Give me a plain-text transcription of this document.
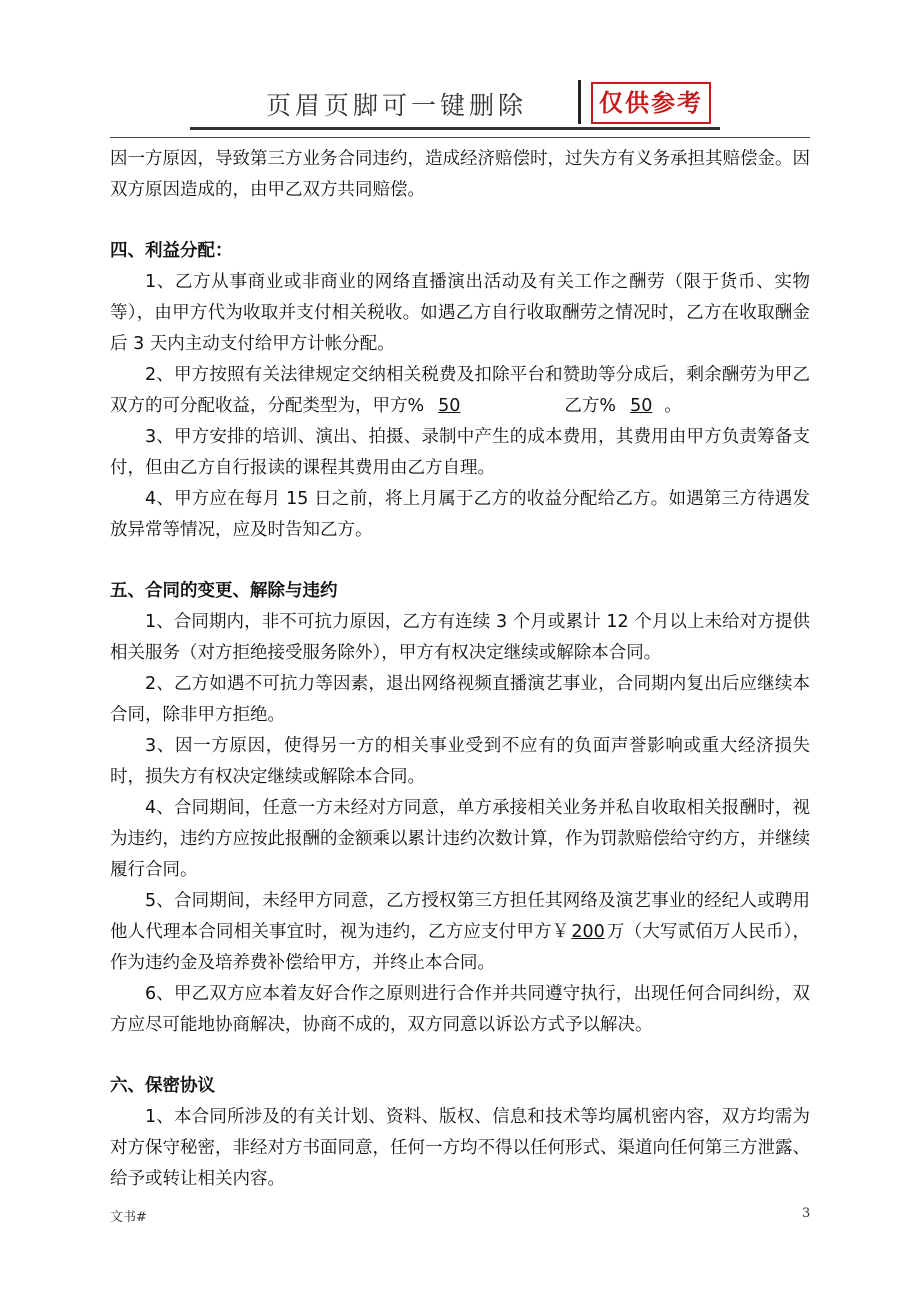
页眉页脚可一键删除	仅供参考

因一方原因，导致第三方业务合同违约，造成经济赔偿时，过失方有义务承担其赔偿金。因双方原因造成的，由甲乙双方共同赔偿。

四、利益分配：

1、乙方从事商业或非商业的网络直播演出活动及有关工作之酬劳（限于货币、实物等），由甲方代为收取并支付相关税收。如遇乙方自行收取酬劳之情况时，乙方在收取酬金后 3 天内主动支付给甲方计帐分配。

2、甲方按照有关法律规定交纳相关税费及扣除平台和赞助等分成后，剩余酬劳为甲乙双方的可分配收益，分配类型为，甲方% 50	乙方% 50 。

3、甲方安排的培训、演出、拍摄、录制中产生的成本费用，其费用由甲方负责筹备支付，但由乙方自行报读的课程其费用由乙方自理。

4、甲方应在每月 15 日之前，将上月属于乙方的收益分配给乙方。如遇第三方待遇发放异常等情况，应及时告知乙方。

五、合同的变更、解除与违约

1、合同期内，非不可抗力原因，乙方有连续 3 个月或累计 12 个月以上未给对方提供相关服务（对方拒绝接受服务除外），甲方有权决定继续或解除本合同。

2、乙方如遇不可抗力等因素，退出网络视频直播演艺事业，合同期内复出后应继续本合同，除非甲方拒绝。

3、因一方原因，使得另一方的相关事业受到不应有的负面声誉影响或重大经济损失时，损失方有权决定继续或解除本合同。

4、合同期间，任意一方未经对方同意，单方承接相关业务并私自收取相关报酬时，视为违约，违约方应按此报酬的金额乘以累计违约次数计算，作为罚款赔偿给守约方，并继续履行合同。

5、合同期间，未经甲方同意，乙方授权第三方担任其网络及演艺事业的经纪人或聘用他人代理本合同相关事宜时，视为违约，乙方应支付甲方￥ 200 万（大写贰佰万人民币），作为违约金及培养费补偿给甲方，并终止本合同。

6、甲乙双方应本着友好合作之原则进行合作并共同遵守执行，出现任何合同纠纷，双方应尽可能地协商解决，协商不成的，双方同意以诉讼方式予以解决。

六、保密协议

1、本合同所涉及的有关计划、资料、版权、信息和技术等均属机密内容，双方均需为对方保守秘密，非经对方书面同意，任何一方均不得以任何形式、渠道向任何第三方泄露、给予或转让相关内容。

文书#	3
